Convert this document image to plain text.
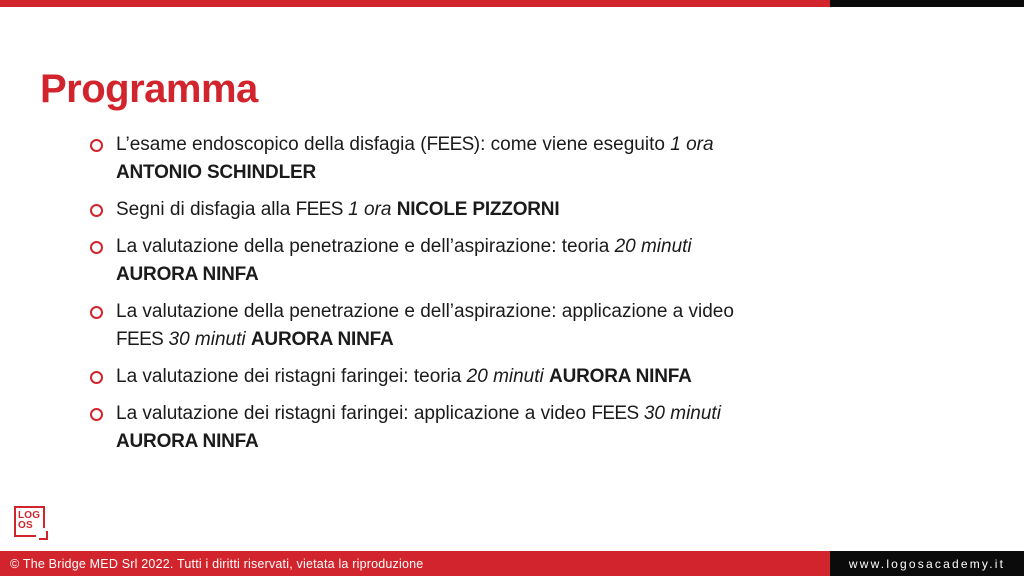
Programma
L’esame endoscopico della disfagia (FEES): come viene eseguito 1 ora
ANTONIO SCHINDLER
Segni di disfagia alla FEES 1 ora NICOLE PIZZORNI
La valutazione della penetrazione e dell’aspirazione: teoria 20 minuti
AURORA NINFA
La valutazione della penetrazione e dell’aspirazione: applicazione a video
FEES 30 minuti AURORA NINFA
La valutazione dei ristagni faringei: teoria 20 minuti AURORA NINFA
La valutazione dei ristagni faringei: applicazione a video FEES 30 minuti
AURORA NINFA
LOG
OS
© The Bridge MED Srl 2022. Tutti i diritti riservati, vietata la riproduzione	www.logosacademy.it
